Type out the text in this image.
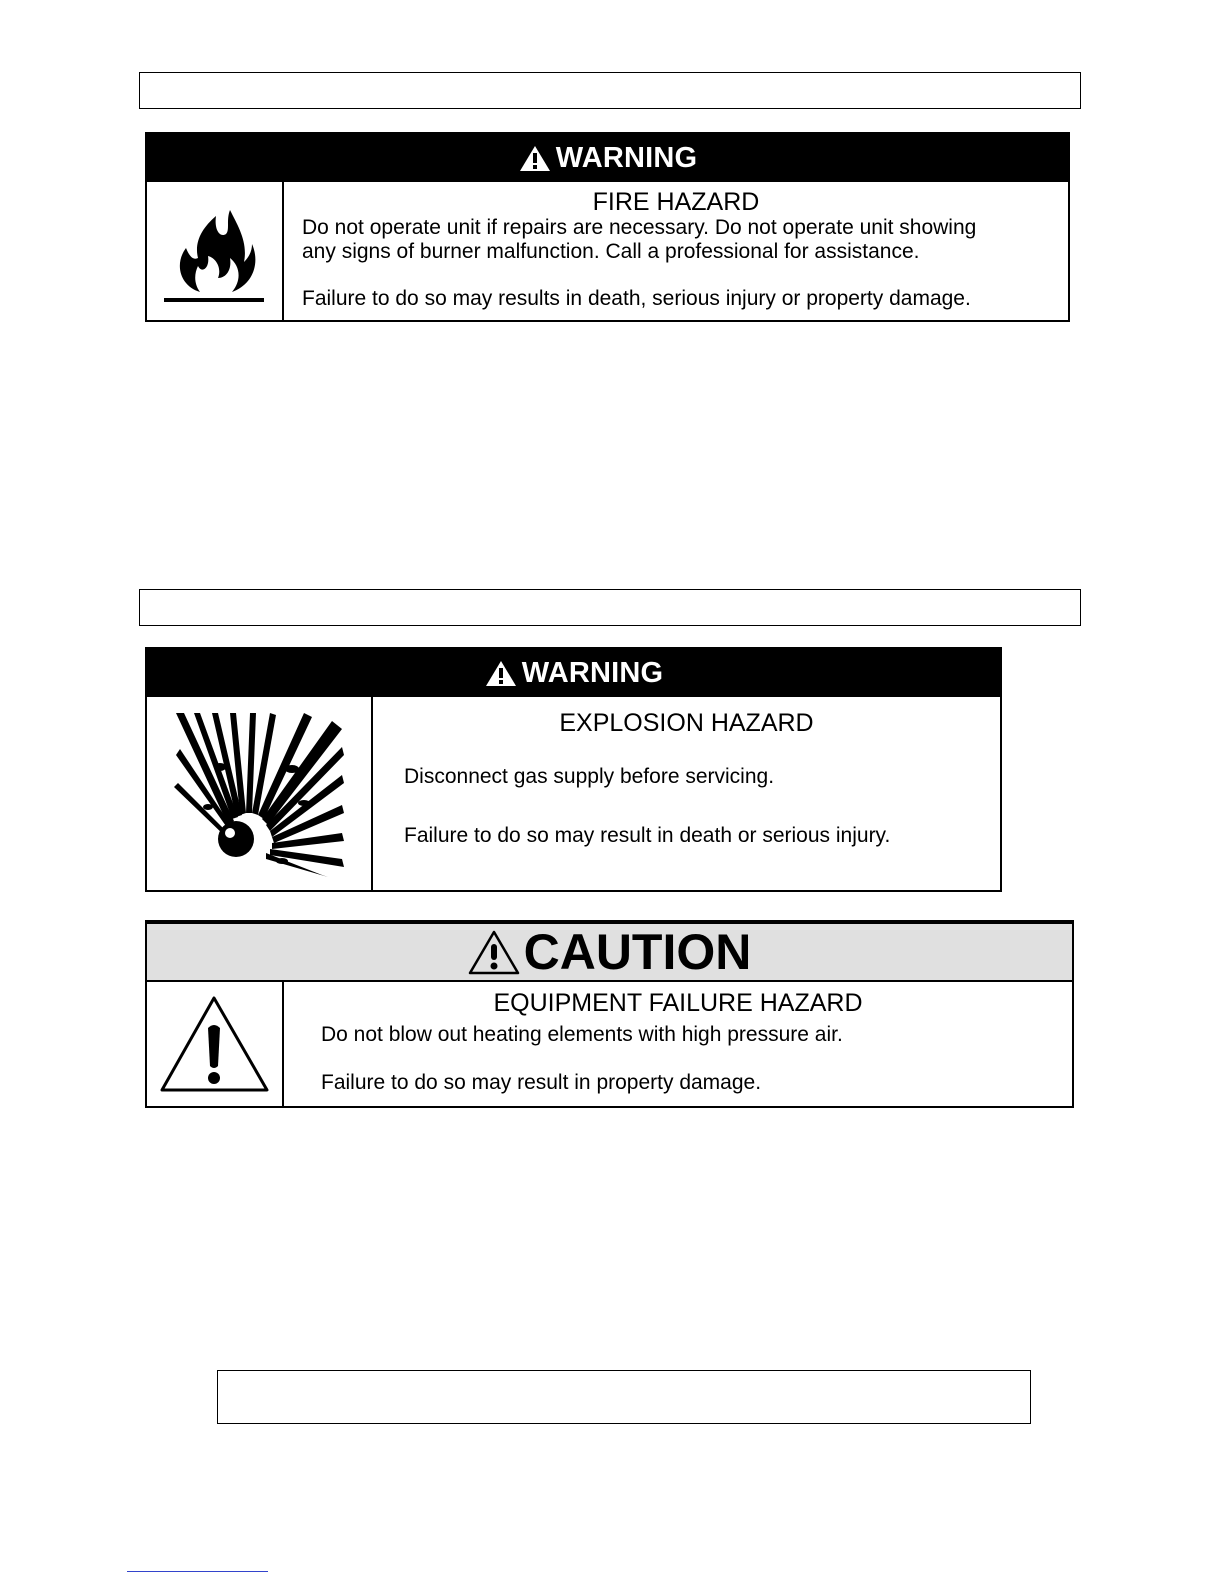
WARNING
FIRE HAZARD
Do not operate unit if repairs are necessary. Do not operate unit showing
any signs of burner malfunction. Call a professional for assistance.
Failure to do so may results in death, serious injury or property damage.
WARNING
EXPLOSION HAZARD
Disconnect gas supply before servicing.
Failure to do so may result in death or serious injury.
CAUTION
EQUIPMENT FAILURE HAZARD
Do not blow out heating elements with high pressure air.
Failure to do so may result in property damage.
